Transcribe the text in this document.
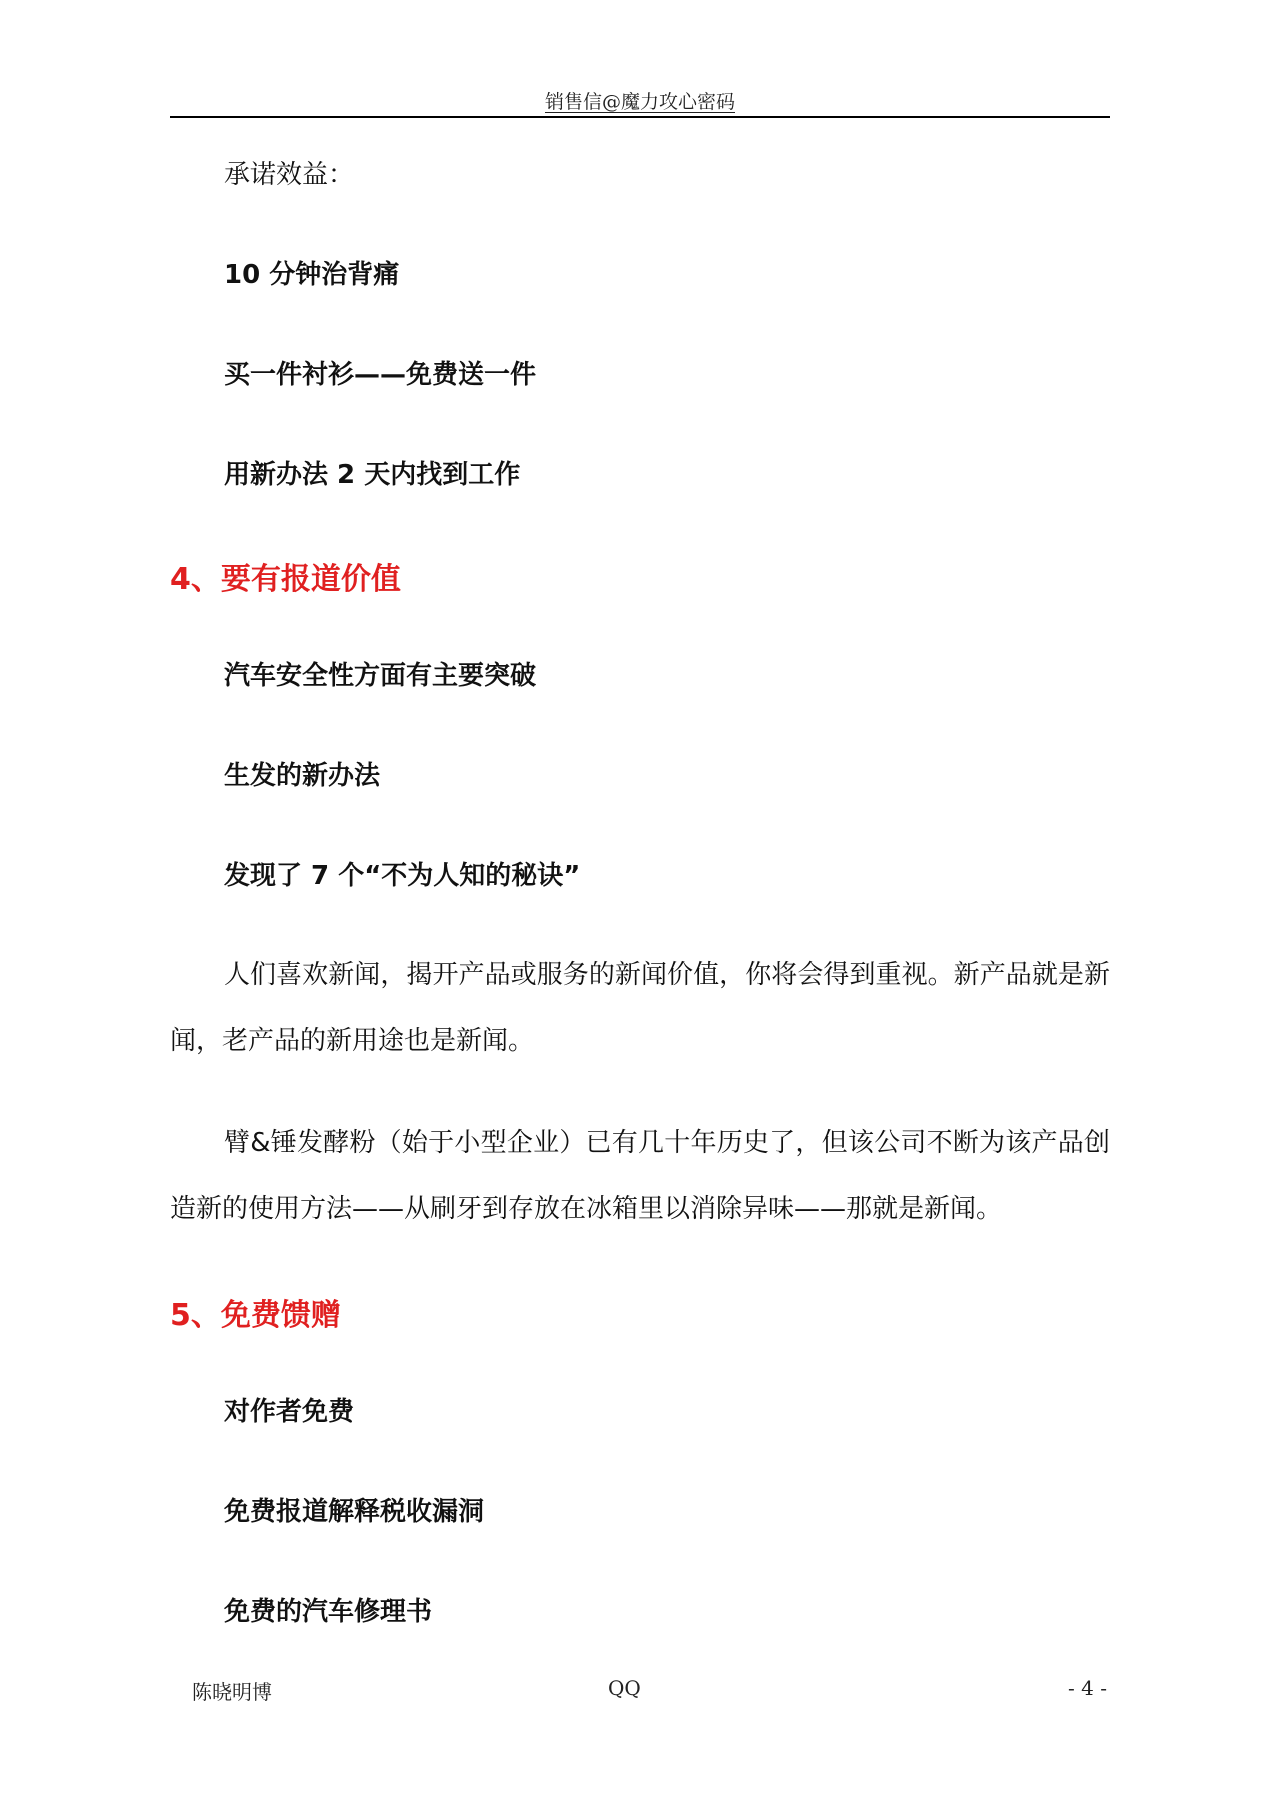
销售信@魔力攻心密码
承诺效益：
10 分钟治背痛
买一件衬衫——免费送一件
用新办法 2 天内找到工作
4、要有报道价值
汽车安全性方面有主要突破
生发的新办法
发现了 7 个“不为人知的秘诀”
人们喜欢新闻，揭开产品或服务的新闻价值，你将会得到重视。新产品就是新闻，老产品的新用途也是新闻。
臂&锤发酵粉（始于小型企业）已有几十年历史了，但该公司不断为该产品创造新的使用方法——从刷牙到存放在冰箱里以消除异味——那就是新闻。
5、免费馈赠
对作者免费
免费报道解释税收漏洞
免费的汽车修理书
陈晓明博	QQ	- 4 -
